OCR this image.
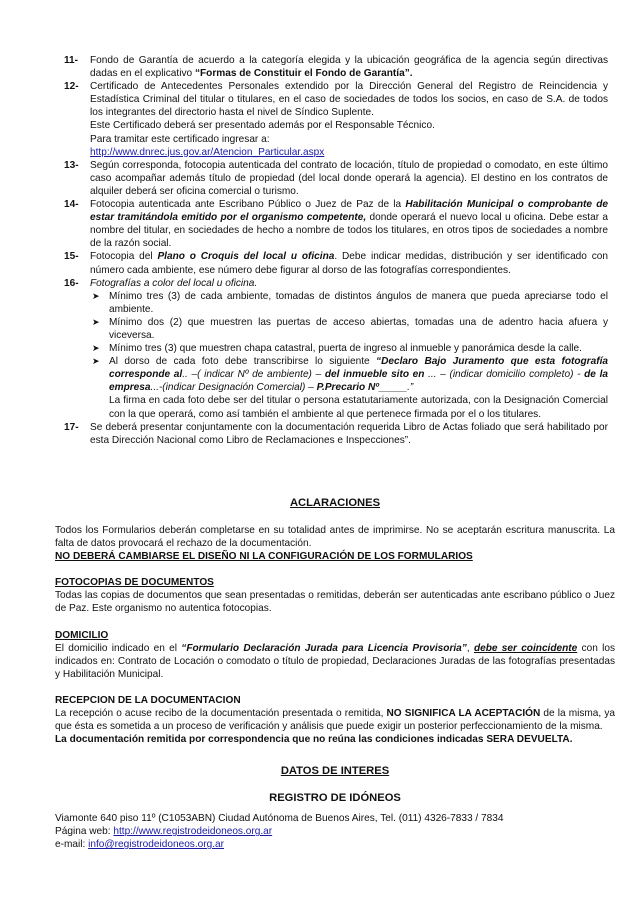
11- Fondo de Garantía de acuerdo a la categoría elegida y la ubicación geográfica de la agencia según directivas dadas en el explicativo “Formas de Constituir el Fondo de Garantía”.

12- Certificado de Antecedentes Personales extendido por la Dirección General del Registro de Reincidencia y Estadística Criminal del titular o titulares, en el caso de sociedades de todos los socios, en caso de S.A. de todos los integrantes del directorio hasta el nivel de Síndico Suplente.

Este Certificado deberá ser presentado además por el Responsable Técnico.

Para tramitar este certificado ingresar a:

http://www.dnrec.jus.gov.ar/Atencion_Particular.aspx

13- Según corresponda, fotocopia autenticada del contrato de locación, título de propiedad o comodato, en este último caso acompañar además título de propiedad (del local donde operará la agencia). El destino en los contratos de alquiler deberá ser oficina comercial o turismo.

14- Fotocopia autenticada ante Escribano Público o Juez de Paz de la Habilitación Municipal o comprobante de estar tramitándola emitido por el organismo competente, donde operará el nuevo local u oficina. Debe estar a nombre del titular, en sociedades de hecho a nombre de todos los titulares, en otros tipos de sociedades a nombre de la razón social.

15- Fotocopia del Plano o Croquis del local u oficina. Debe indicar medidas, distribución y ser identificado con número cada ambiente, ese número debe figurar al dorso de las fotografías correspondientes.

16- Fotografías a color del local u oficina.

➤ Mínimo tres (3) de cada ambiente, tomadas de distintos ángulos de manera que pueda apreciarse todo el ambiente.

➤ Mínimo dos (2) que muestren las puertas de acceso abiertas, tomadas una de adentro hacia afuera y viceversa.

➤ Mínimo tres (3) que muestren chapa catastral, puerta de ingreso al inmueble y panorámica desde la calle.

➤ Al dorso de cada foto debe transcribirse lo siguiente “Declaro Bajo Juramento que esta fotografía corresponde al.. –( indicar Nº de ambiente) – del inmueble sito en ... – (indicar domicilio completo) - de la empresa...-(indicar Designación Comercial) – P.Precario Nº_____.”

La firma en cada foto debe ser del titular o persona estatutariamente autorizada, con la Designación Comercial con la que operará, como así también el ambiente al que pertenece firmada por el o los titulares.

17- Se deberá presentar conjuntamente con la documentación requerida Libro de Actas foliado que será habilitado por esta Dirección Nacional como Libro de Reclamaciones e Inspecciones”.

ACLARACIONES

Todos los Formularios deberán completarse en su totalidad antes de imprimirse. No se aceptarán escritura manuscrita. La falta de datos provocará el rechazo de la documentación.

NO DEBERÁ CAMBIARSE EL DISEÑO NI LA CONFIGURACIÓN DE LOS FORMULARIOS

FOTOCOPIAS DE DOCUMENTOS

Todas las copias de documentos que sean presentadas o remitidas, deberán ser autenticadas ante escribano público o Juez de Paz. Este organismo no autentica fotocopias.

DOMICILIO

El domicilio indicado en el “Formulario Declaración Jurada para Licencia Provisoria”, debe ser coincidente con los indicados en: Contrato de Locación o comodato o título de propiedad, Declaraciones Juradas de las fotografías presentadas y Habilitación Municipal.

RECEPCION DE LA DOCUMENTACION

La recepción o acuse recibo de la documentación presentada o remitida, NO SIGNIFICA LA ACEPTACIÓN de la misma, ya que ésta es sometida a un proceso de verificación y análisis que puede exigir un posterior perfeccionamiento de la misma.

La documentación remitida por correspondencia que no reúna las condiciones indicadas SERA DEVUELTA.

DATOS DE INTERES
REGISTRO DE IDÓNEOS

Viamonte 640 piso 11º (C1053ABN) Ciudad Autónoma de Buenos Aires, Tel. (011) 4326-7833 / 7834

Página web: http://www.registrodeidoneos.org.ar

e-mail: info@registrodeidoneos.org.ar
